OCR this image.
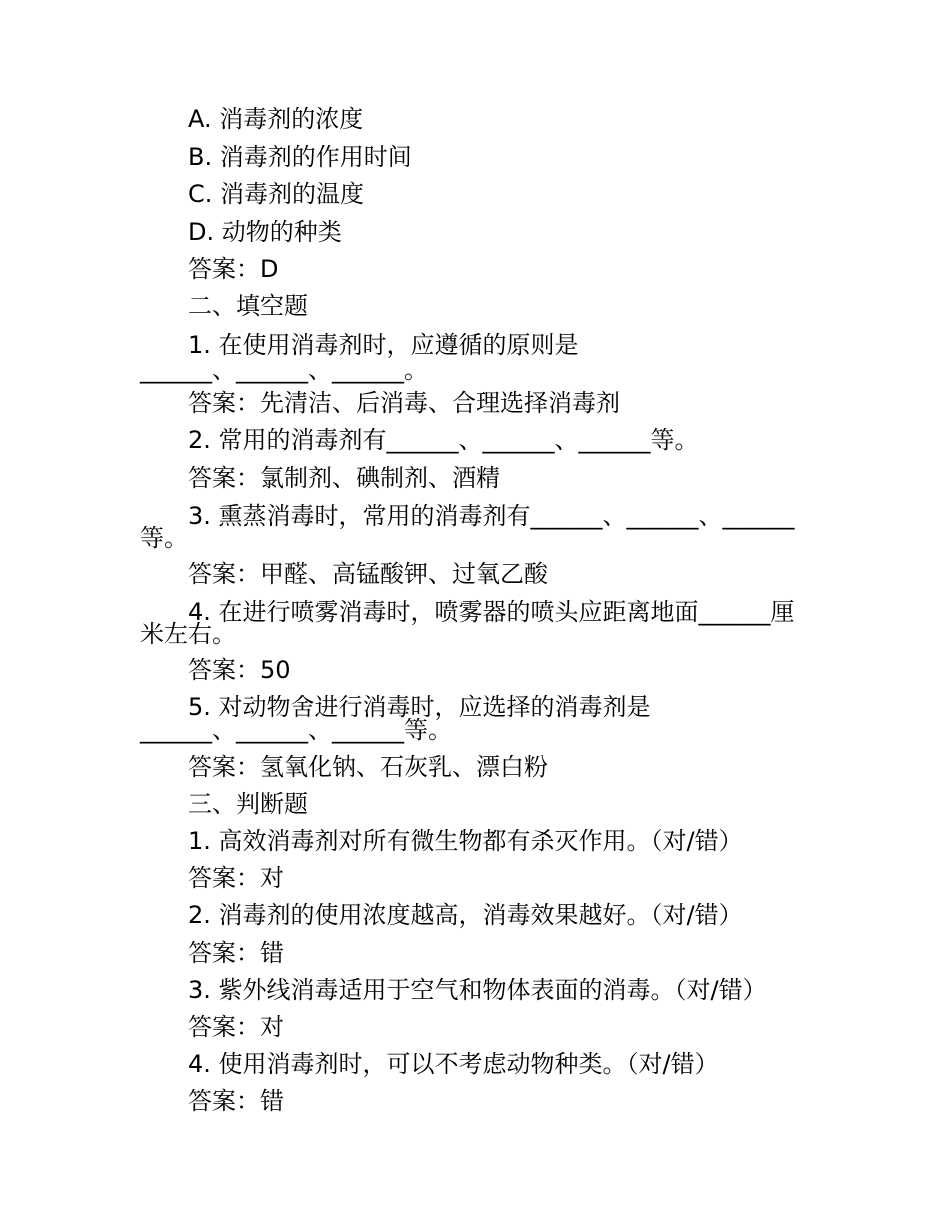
A. 消毒剂的浓度
B. 消毒剂的作用时间
C. 消毒剂的温度
D. 动物的种类
答案：D
二、填空题
1. 在使用消毒剂时，应遵循的原则是
______、______、______。
答案：先清洁、后消毒、合理选择消毒剂
2. 常用的消毒剂有______、______、______等。
答案：氯制剂、碘制剂、酒精
3. 熏蒸消毒时，常用的消毒剂有______、______、______
等。
答案：甲醛、高锰酸钾、过氧乙酸
4. 在进行喷雾消毒时，喷雾器的喷头应距离地面______厘
米左右。
答案：50
5. 对动物舍进行消毒时，应选择的消毒剂是
______、______、______等。
答案：氢氧化钠、石灰乳、漂白粉
三、判断题
1. 高效消毒剂对所有微生物都有杀灭作用。（对/错）
答案：对
2. 消毒剂的使用浓度越高，消毒效果越好。（对/错）
答案：错
3. 紫外线消毒适用于空气和物体表面的消毒。（对/错）
答案：对
4. 使用消毒剂时，可以不考虑动物种类。（对/错）
答案：错
